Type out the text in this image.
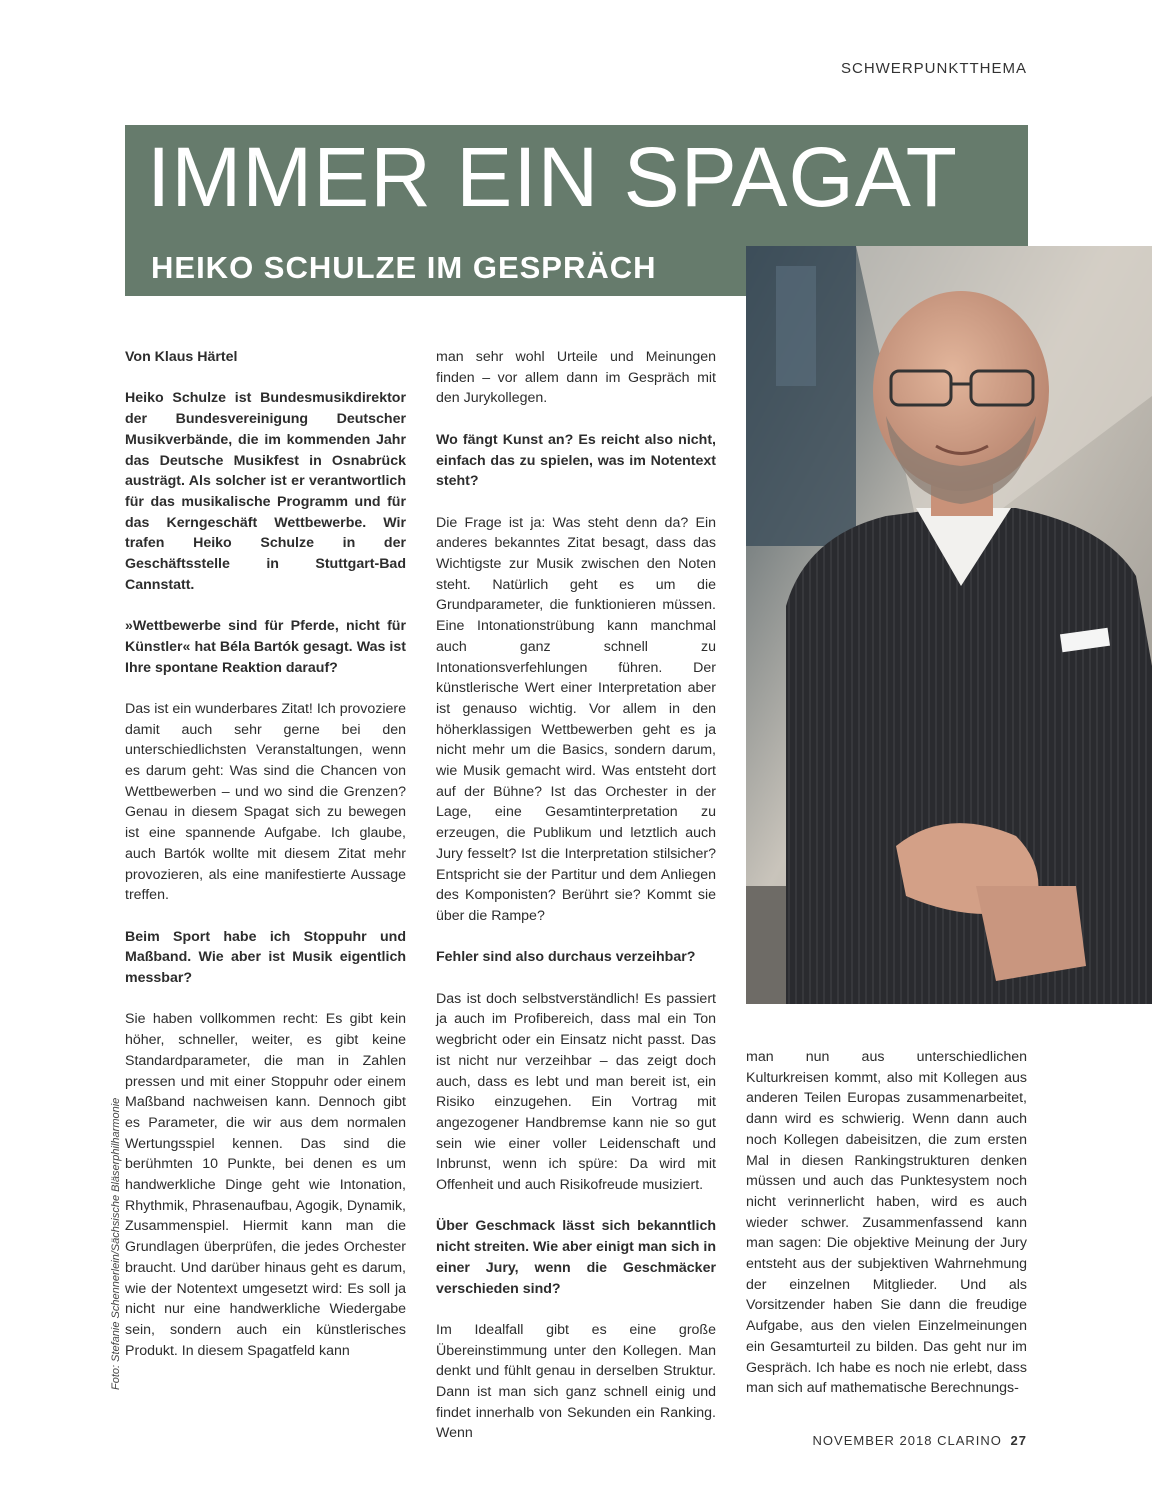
SCHWERPUNKTTHEMA
IMMER EIN SPAGAT
HEIKO SCHULZE IM GESPRÄCH

Von Klaus Härtel

Heiko Schulze ist Bundesmusikdirektor der Bundesvereinigung Deutscher Musikverbände, die im kommenden Jahr das Deutsche Musikfest in Osnabrück austrägt. Als solcher ist er verantwortlich für das musikalische Programm und für das Kerngeschäft Wettbewerbe. Wir trafen Heiko Schulze in der Geschäftsstelle in Stuttgart-Bad Cannstatt.

»Wettbewerbe sind für Pferde, nicht für Künstler« hat Béla Bartók gesagt. Was ist Ihre spontane Reaktion darauf?

Das ist ein wunderbares Zitat! Ich provoziere damit auch sehr gerne bei den unterschiedlichsten Veranstaltungen, wenn es darum geht: Was sind die Chancen von Wettbewerben – und wo sind die Grenzen? Genau in diesem Spagat sich zu bewegen ist eine spannende Aufgabe. Ich glaube, auch Bartók wollte mit diesem Zitat mehr provozieren, als eine manifestierte Aussage treffen.

Beim Sport habe ich Stoppuhr und Maßband. Wie aber ist Musik eigentlich messbar?

Sie haben vollkommen recht: Es gibt kein höher, schneller, weiter, es gibt keine Standardparameter, die man in Zahlen pressen und mit einer Stoppuhr oder einem Maßband nachweisen kann. Dennoch gibt es Parameter, die wir aus dem normalen Wertungsspiel kennen. Das sind die berühmten 10 Punkte, bei denen es um handwerkliche Dinge geht wie Intonation, Rhythmik, Phrasenaufbau, Agogik, Dynamik, Zusammenspiel. Hiermit kann man die Grundlagen überprüfen, die jedes Orchester braucht. Und darüber hinaus geht es darum, wie der Notentext umgesetzt wird: Es soll ja nicht nur eine handwerkliche Wiedergabe sein, sondern auch ein künstlerisches Produkt. In diesem Spagatfeld kann

man sehr wohl Urteile und Meinungen finden – vor allem dann im Gespräch mit den Jurykollegen.

Wo fängt Kunst an? Es reicht also nicht, einfach das zu spielen, was im Notentext steht?

Die Frage ist ja: Was steht denn da? Ein anderes bekanntes Zitat besagt, dass das Wichtigste zur Musik zwischen den Noten steht. Natürlich geht es um die Grundparameter, die funktionieren müssen. Eine Intonationstrübung kann manchmal auch ganz schnell zu Intonationsverfehlungen führen. Der künstlerische Wert einer Interpretation aber ist genauso wichtig. Vor allem in den höherklassigen Wettbewerben geht es ja nicht mehr um die Basics, sondern darum, wie Musik gemacht wird. Was entsteht dort auf der Bühne? Ist das Orchester in der Lage, eine Gesamtinterpretation zu erzeugen, die Publikum und letztlich auch Jury fesselt? Ist die Interpretation stilsicher? Entspricht sie der Partitur und dem Anliegen des Komponisten? Berührt sie? Kommt sie über die Rampe?

Fehler sind also durchaus verzeihbar?

Das ist doch selbstverständlich! Es passiert ja auch im Profibereich, dass mal ein Ton wegbricht oder ein Einsatz nicht passt. Das ist nicht nur verzeihbar – das zeigt doch auch, dass es lebt und man bereit ist, ein Risiko einzugehen. Ein Vortrag mit angezogener Handbremse kann nie so gut sein wie einer voller Leidenschaft und Inbrunst, wenn ich spüre: Da wird mit Offenheit und auch Risikofreude musiziert.

Über Geschmack lässt sich bekanntlich nicht streiten. Wie aber einigt man sich in einer Jury, wenn die Geschmäcker verschieden sind?

Im Idealfall gibt es eine große Übereinstimmung unter den Kollegen. Man denkt und fühlt genau in derselben Struktur. Dann ist man sich ganz schnell einig und findet innerhalb von Sekunden ein Ranking. Wenn

man nun aus unterschiedlichen Kulturkreisen kommt, also mit Kollegen aus anderen Teilen Europas zusammenarbeitet, dann wird es schwierig. Wenn dann auch noch Kollegen dabeisitzen, die zum ersten Mal in diesen Rankingstrukturen denken müssen und auch das Punktesystem noch nicht verinnerlicht haben, wird es auch wieder schwer. Zusammenfassend kann man sagen: Die objektive Meinung der Jury entsteht aus der subjektiven Wahrnehmung der einzelnen Mitglieder. Und als Vorsitzender haben Sie dann die freudige Aufgabe, aus den vielen Einzelmeinungen ein Gesamturteil zu bilden. Das geht nur im Gespräch. Ich habe es noch nie erlebt, dass man sich auf mathematische Berechnungs-

Foto: Stefanie Schennerlein/Sächsische Bläserphilharmonie
NOVEMBER 2018 CLARINO 27
